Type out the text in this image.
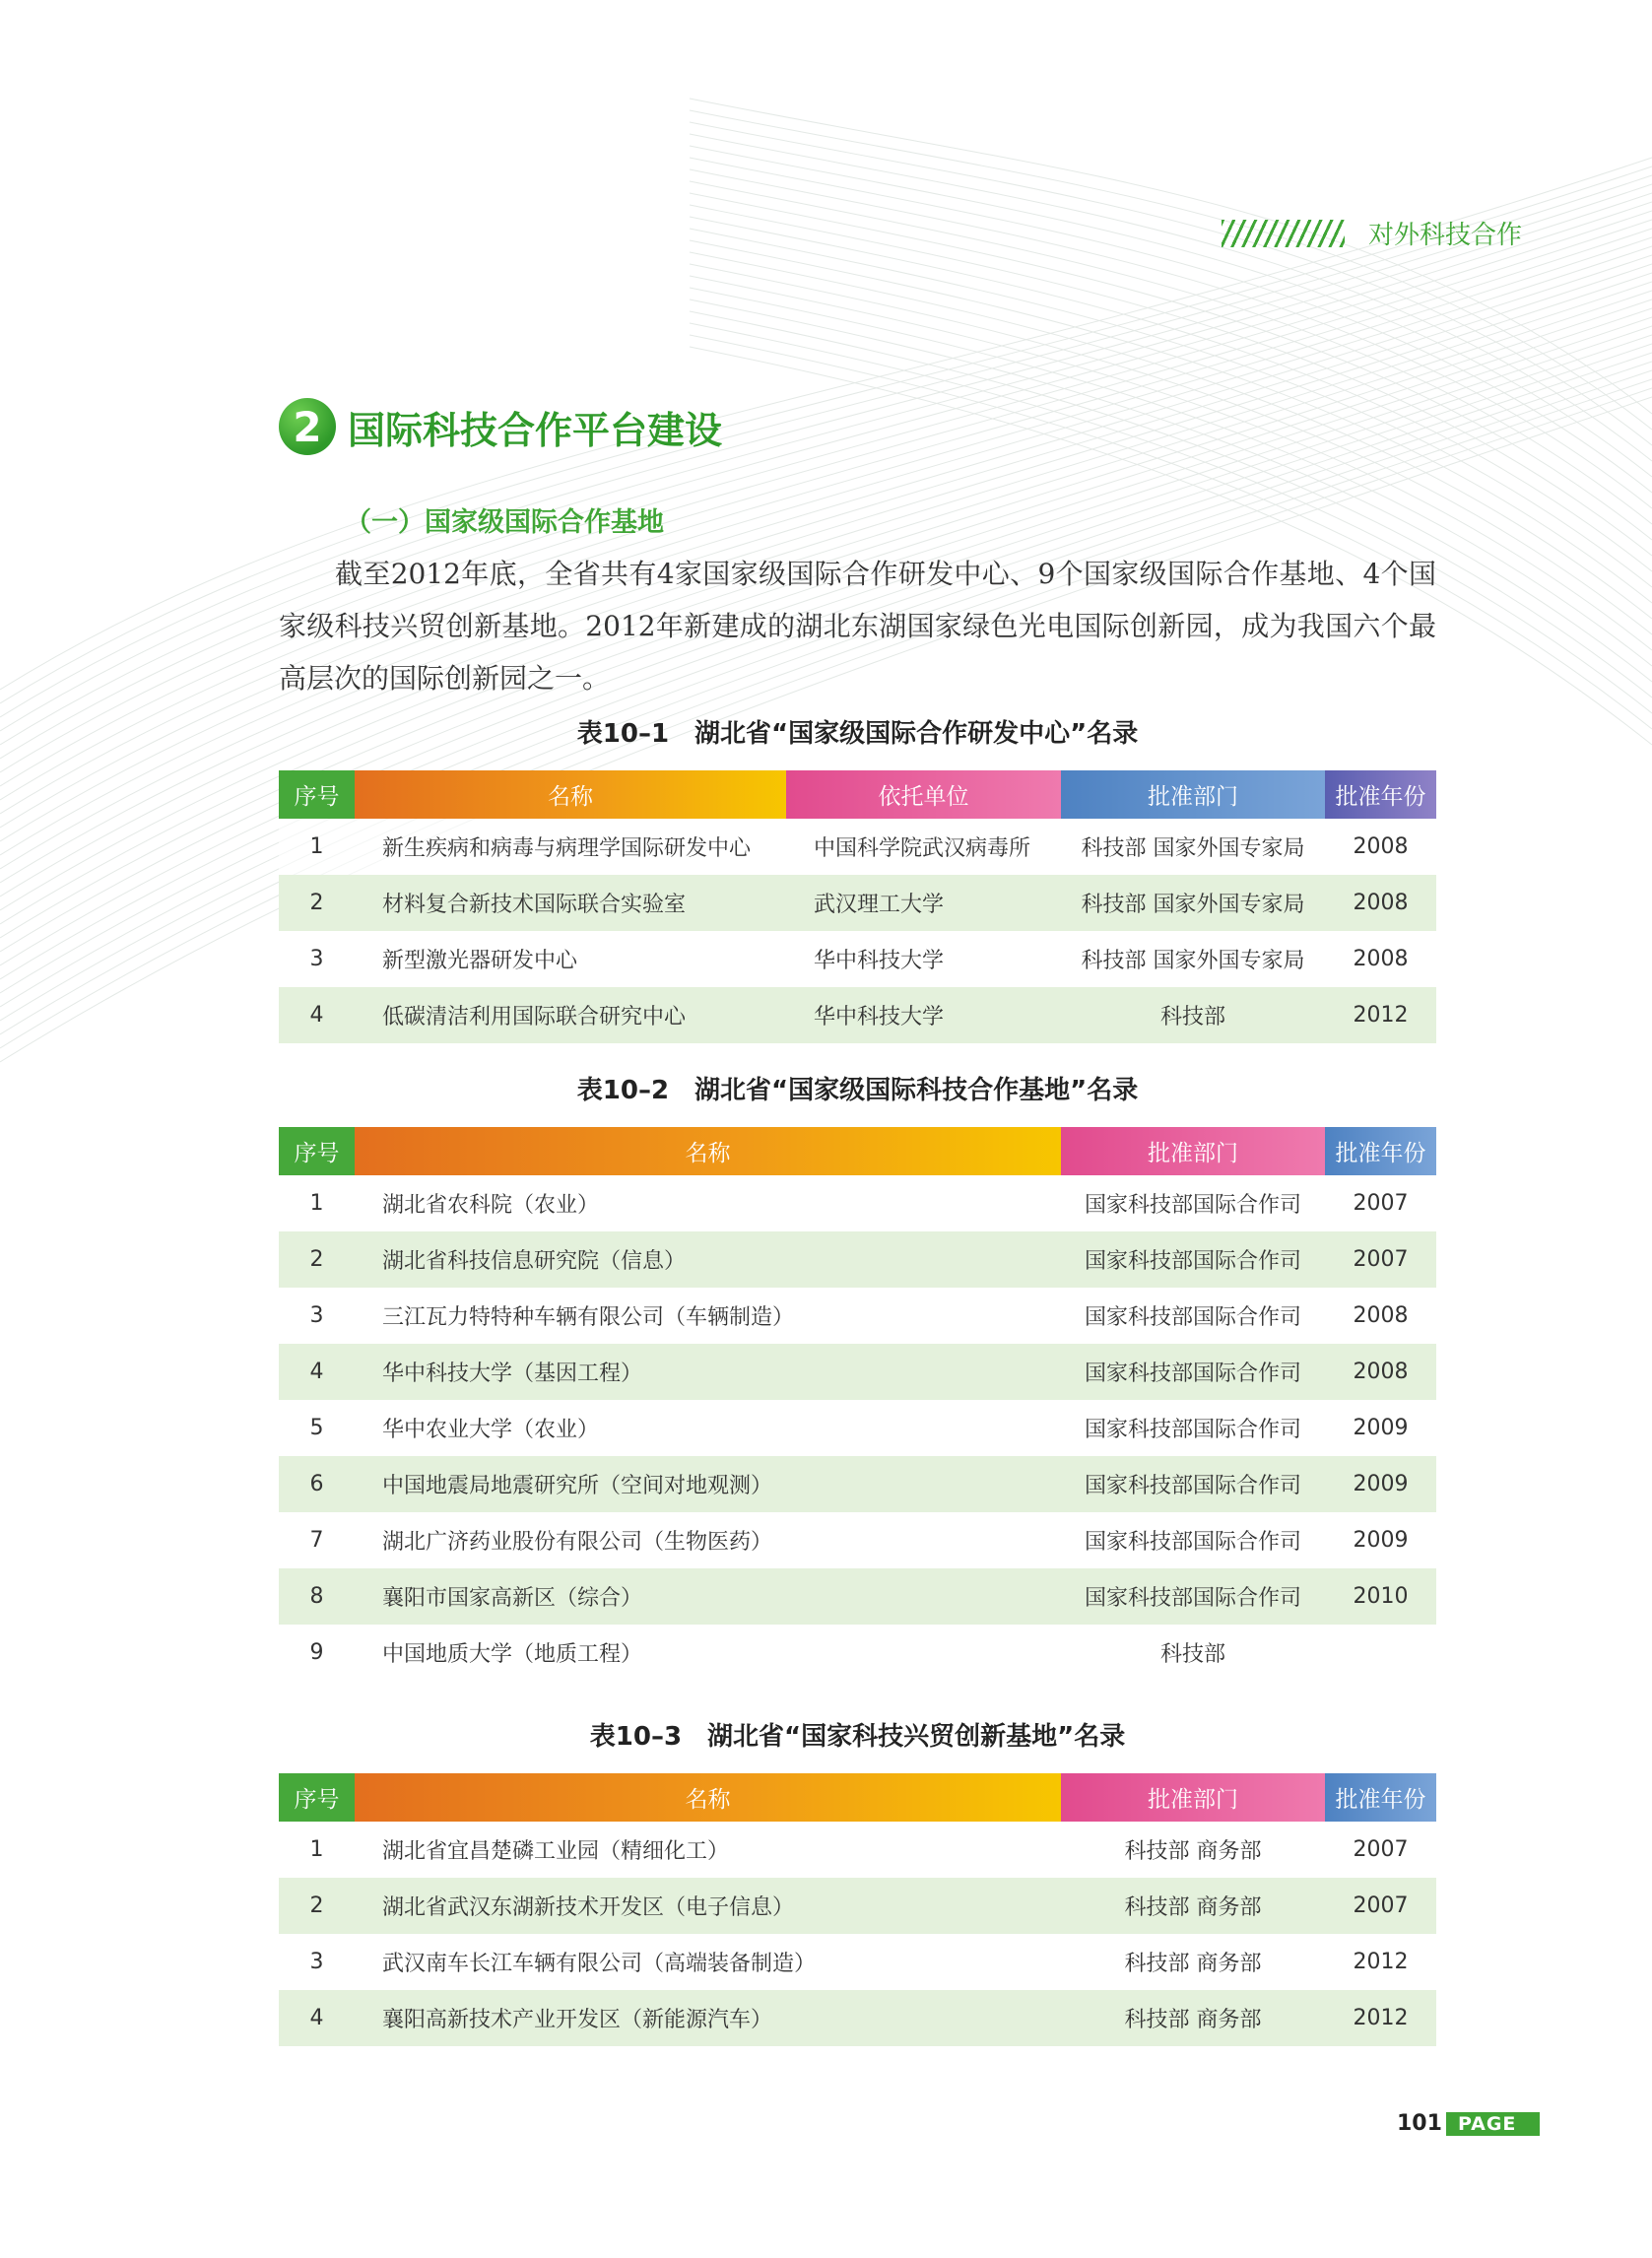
对外科技合作
2 国际科技合作平台建设
（一）国家级国际合作基地
截至2012年底，全省共有4家国家级国际合作研发中心、9个国家级国际合作基地、4个国家级科技兴贸创新基地。2012年新建成的湖北东湖国家绿色光电国际创新园，成为我国六个最高层次的国际创新园之一。
表10–1　湖北省“国家级国际合作研发中心”名录
序号	名称	依托单位	批准部门	批准年份
1	新生疾病和病毒与病理学国际研发中心	中国科学院武汉病毒所	科技部 国家外国专家局	2008
2	材料复合新技术国际联合实验室	武汉理工大学	科技部 国家外国专家局	2008
3	新型激光器研发中心	华中科技大学	科技部 国家外国专家局	2008
4	低碳清洁利用国际联合研究中心	华中科技大学	科技部	2012
表10–2　湖北省“国家级国际科技合作基地”名录
序号	名称	批准部门	批准年份
1	湖北省农科院（农业）	国家科技部国际合作司	2007
2	湖北省科技信息研究院（信息）	国家科技部国际合作司	2007
3	三江瓦力特特种车辆有限公司（车辆制造）	国家科技部国际合作司	2008
4	华中科技大学（基因工程）	国家科技部国际合作司	2008
5	华中农业大学（农业）	国家科技部国际合作司	2009
6	中国地震局地震研究所（空间对地观测）	国家科技部国际合作司	2009
7	湖北广济药业股份有限公司（生物医药）	国家科技部国际合作司	2009
8	襄阳市国家高新区（综合）	国家科技部国际合作司	2010
9	中国地质大学（地质工程）	科技部	
表10–3　湖北省“国家科技兴贸创新基地”名录
序号	名称	批准部门	批准年份
1	湖北省宜昌楚磷工业园（精细化工）	科技部 商务部	2007
2	湖北省武汉东湖新技术开发区（电子信息）	科技部 商务部	2007
3	武汉南车长江车辆有限公司（高端装备制造）	科技部 商务部	2012
4	襄阳高新技术产业开发区（新能源汽车）	科技部 商务部	2012
101 PAGE
